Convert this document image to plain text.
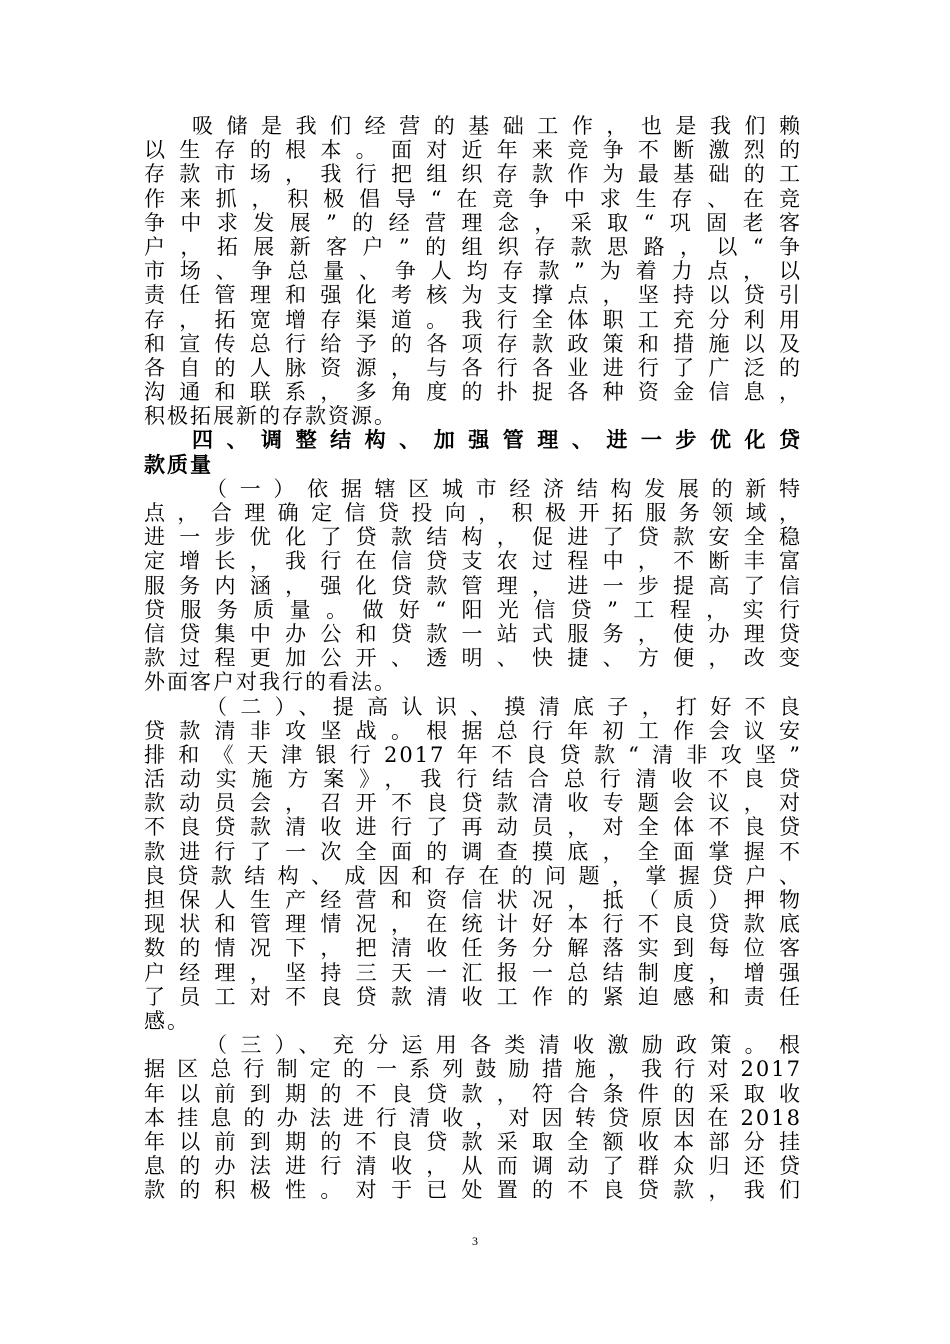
吸储是我们经营的基础工作，也是我们赖
以生存的根本。面对近年来竞争不断激烈的
存款市场，我行把组织存款作为最基础的工
作来抓，积极倡导“在竞争中求生存、在竞
争中求发展”的经营理念，采取“巩固老客
户，拓展新客户”的组织存款思路，以“争
市场、争总量、争人均存款”为着力点，以
责任管理和强化考核为支撑点，坚持以贷引
存，拓宽增存渠道。我行全体职工充分利用
和宣传总行给予的各项存款政策和措施以及
各自的人脉资源，与各行各业进行了广泛的
沟通和联系，多角度的扑捉各种资金信息，
积极拓展新的存款资源。
四、调整结构、加强管理、进一步优化贷
款质量
（一）依据辖区城市经济结构发展的新特
点，合理确定信贷投向，积极开拓服务领域，
进一步优化了贷款结构，促进了贷款安全稳
定增长，我行在信贷支农过程中，不断丰富
服务内涵，强化贷款管理，进一步提高了信
贷服务质量。做好“阳光信贷”工程，实行
信贷集中办公和贷款一站式服务，使办理贷
款过程更加公开、透明、快捷、方便，改变
外面客户对我行的看法。
（二）、提高认识、摸清底子，打好不良
贷款清非攻坚战。根据总行年初工作会议安
排和《天津银行2017年不良贷款“清非攻坚”
活动实施方案》，我行结合总行清收不良贷
款动员会，召开不良贷款清收专题会议，对
不良贷款清收进行了再动员，对全体不良贷
款进行了一次全面的调查摸底，全面掌握不
良贷款结构、成因和存在的问题，掌握贷户、
担保人生产经营和资信状况，抵（质）押物
现状和管理情况，在统计好本行不良贷款底
数的情况下，把清收任务分解落实到每位客
户经理，坚持三天一汇报一总结制度，增强
了员工对不良贷款清收工作的紧迫感和责任
感。
（三）、充分运用各类清收激励政策。根
据区总行制定的一系列鼓励措施，我行对2017
年以前到期的不良贷款，符合条件的采取收
本挂息的办法进行清收，对因转贷原因在2018
年以前到期的不良贷款采取全额收本部分挂
息的办法进行清收，从而调动了群众归还贷
款的积极性。对于已处置的不良贷款，我们
3
